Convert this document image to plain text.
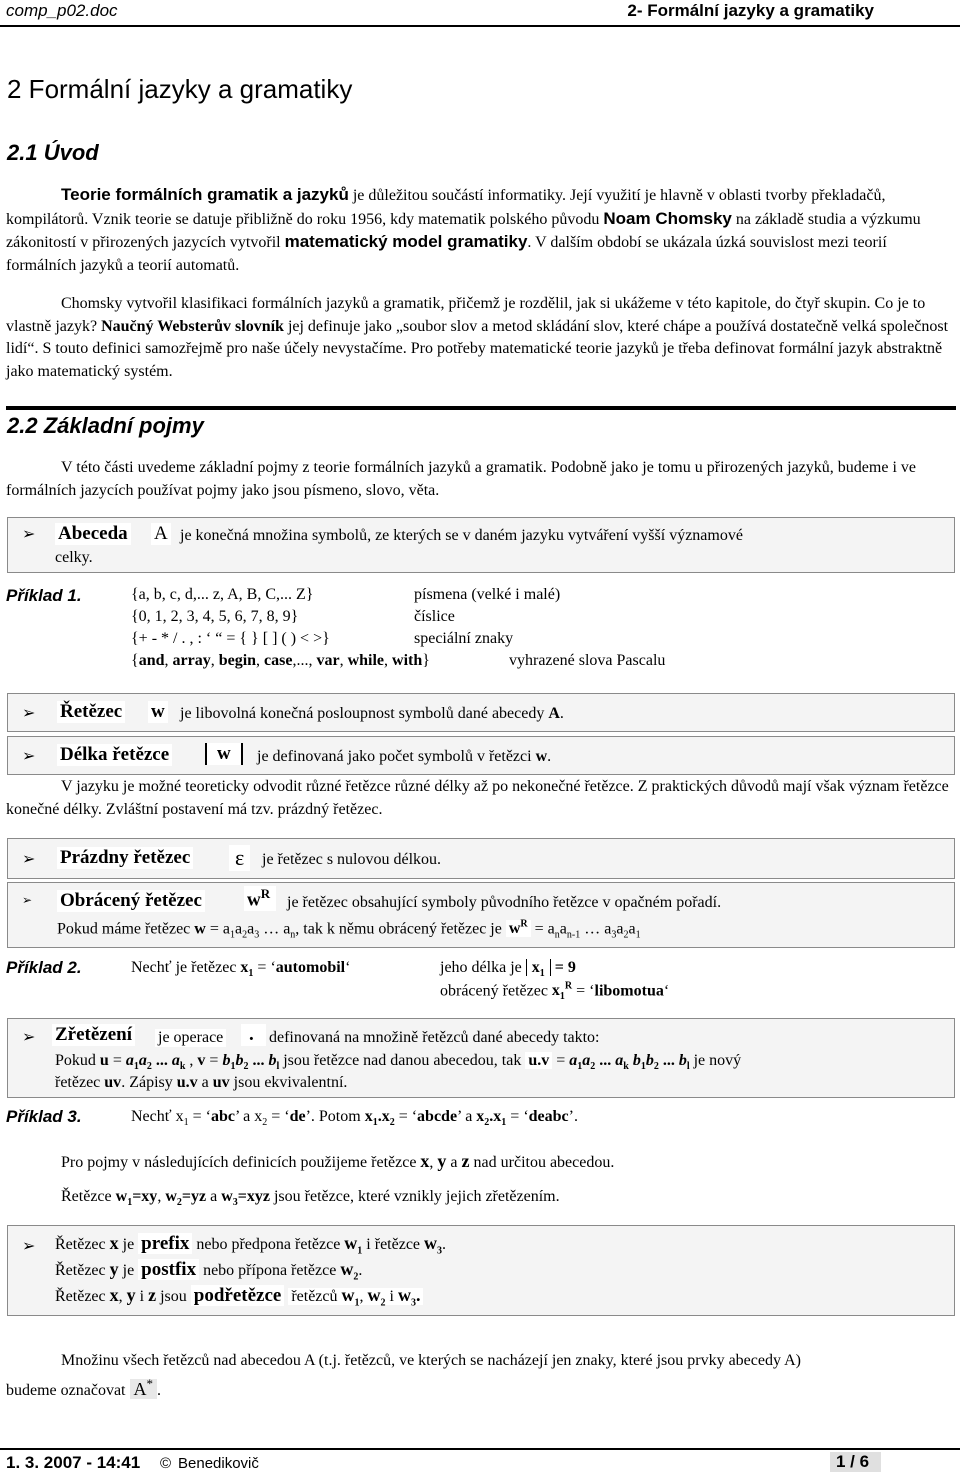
comp_p02.doc	2- Formální jazyky a gramatiky
2 Formální jazyky a gramatiky
2.1 Úvod
Teorie formálních gramatik a jazyků je důležitou součástí informatiky. Její využití je hlavně v oblasti tvorby překladačů, kompilátorů. Vznik teorie se datuje přibližně do roku 1956, kdy matematik polského původu Noam Chomsky na základě studia a výzkumu zákonitostí v přirozených jazycích vytvořil matematický model gramatiky. V dalším období se ukázala úzká souvislost mezi teorií formálních jazyků a teorií automatů.
Chomsky vytvořil klasifikaci formálních jazyků a gramatik, přičemž je rozdělil, jak si ukážeme v této kapitole, do čtyř skupin. Co je to vlastně jazyk? Naučný Websterův slovník jej definuje jako „soubor slov a metod skládání slov, které chápe a používá dostatečně velká společnost lidí“. S touto definici samozřejmě pro naše účely nevystačíme. Pro potřeby matematické teorie jazyků je třeba definovat formální jazyk abstraktně jako matematický systém.
2.2 Základní pojmy
V této části uvedeme základní pojmy z teorie formálních jazyků a gramatik. Podobně jako je tomu u přirozených jazyků, budeme i ve formálních jazycích používat pojmy jako jsou písmeno, slovo, věta.
➢ Abeceda A je konečná množina symbolů, ze kterých se v daném jazyku vytváření vyšší významové
celky.
Příklad 1.	{a, b, c, d,... z, A, B, C,... Z}	písmena (velké i malé)
{0, 1, 2, 3, 4, 5, 6, 7, 8, 9}	číslice
{+ - * / . , : ‘ “ = { } [ ] ( ) < >}	speciální znaky
{and, array, begin, case,..., var, while, with}	vyhrazené slova Pascalu
➢ Řetězec w je libovolná konečná posloupnost symbolů dané abecedy A.
➢ Délka řetězce	w	je definovaná jako počet symbolů v řetězci w.
V jazyku je možné teoreticky odvodit různé řetězce různé délky až po nekonečné řetězce. Z praktických důvodů mají však význam řetězce konečné délky. Zvláštní postavení má tzv. prázdný řetězec.
➢ Prázdny řetězec ε	je řetězec s nulovou délkou.
➢ Obrácený řetězec $w^R$
je řetězec obsahující symboly původního řetězce v opačném pořadí.
Pokud máme řetězec $w = a_1a_2a_3$ … $a_n$, tak k němu obrácený řetězec je $w^R = a_na_{n-1}$ … $a_3a_2a_1$
Příklad 2.	Nechť je řetězec $x_1$ = ‘automobil‘	jeho délka je $x_1 = 9$
obrácený řetězec $x_1^R$ = ‘libomotua‘
➢ Zřetězení je operace	. definovaná na množině řetězců dané abecedy takto:
Pokud $u = a_1a_2$ ... $a_k$ , $v = b_1b_2$ ... $b_l$ jsou řetězce nad danou abecedou, tak $u.v = a_1a_2$ ... $a_k$ $b_1b_2$ ... $b_l$ je nový
řetězec uv. Zápisy u.v a uv jsou ekvivalentní.
Příklad 3.	Nechť $x_1$ = ‘abc’ a $x_2$ = ‘de’. Potom $x_1.x_2$ = ‘abcde’ a $x_2.x_1$ = ‘deabc’.
Pro pojmy v následujících definicích použijeme řetězce x, y a z nad určitou abecedou.
Řetězce $w_1=xy$, $w_2=yz$ a $w_3=xyz$ jsou řetězce, které vznikly jejich zřetězením.
➢ Řetězec x je prefix nebo předpona řetězce $w_1$ i řetězce $w_3$.
Řetězec y je postfix nebo přípona řetězce $w_2$.
Řetězec x, y i z jsou podřetězce řetězců $w_1$, $w_2$ i $w_3$.
Množinu všech řetězců nad abecedou A (t.j. řetězců, ve kterých se nacházejí jen znaky, které jsou prvky abecedy A)
budeme označovat A* .
1. 3. 2007 - 14:41 © Benedikovič	1 / 6
